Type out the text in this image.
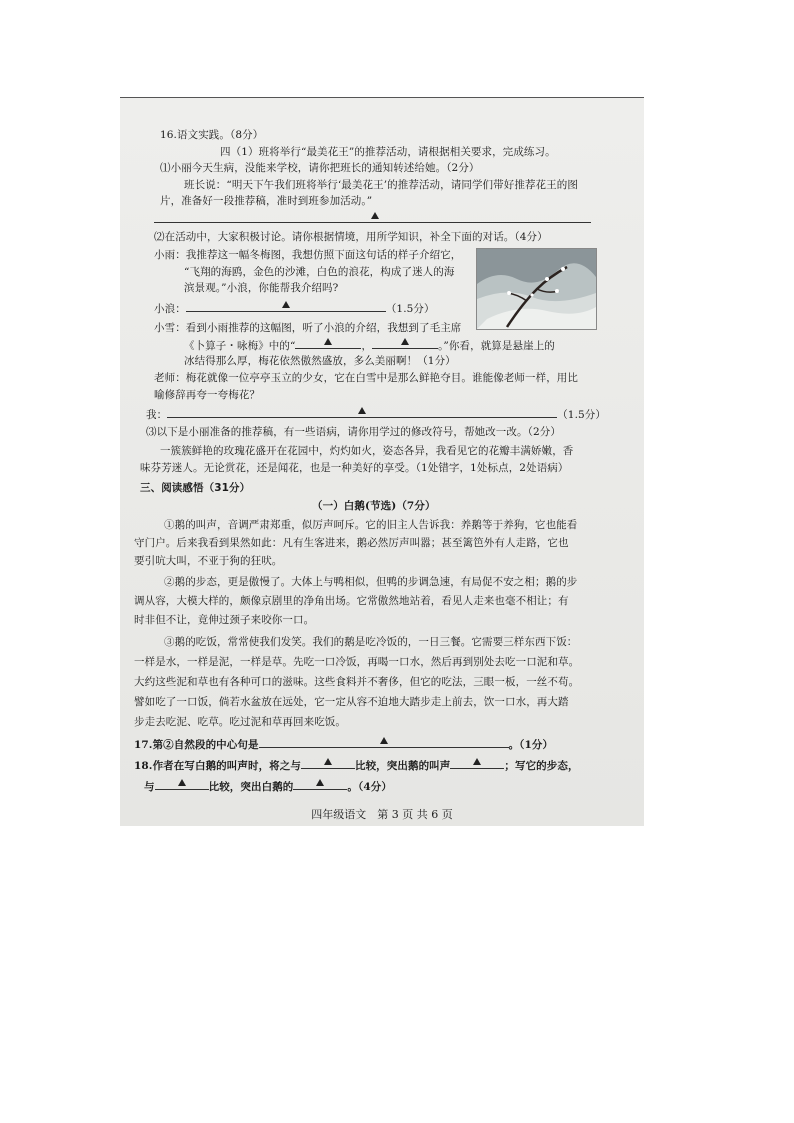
16.语文实践。（8分）
四（1）班将举行“最美花王”的推荐活动，请根据相关要求，完成练习。
⑴小丽今天生病，没能来学校，请你把班长的通知转述给她。（2分）
班长说：“明天下午我们班将举行‘最美花王’的推荐活动，请同学们带好推荐花王的图
片，准备好一段推荐稿，准时到班参加活动。”
⑵在活动中，大家积极讨论。请你根据情境，用所学知识，补全下面的对话。（4分）
小雨：我推荐这一幅冬梅图，我想仿照下面这句话的样子介绍它，
“飞翔的海鸥，金色的沙滩，白色的浪花，构成了迷人的海
滨景观。”小浪，你能帮我介绍吗?
小浪：	（1.5分）
小雪：看到小雨推荐的这幅图，听了小浪的介绍，我想到了毛主席
《卜算子・咏梅》中的“	，	。”你看，就算是悬崖上的
冰结得那么厚，梅花依然傲然盛放，多么美丽啊！（1分）
老师：梅花就像一位亭亭玉立的少女，它在白雪中是那么鲜艳夺目。谁能像老师一样，用比
喻修辞再夸一夸梅花？
我：	（1.5分）
⑶以下是小丽准备的推荐稿，有一些语病，请你用学过的修改符号，帮她改一改。（2分）
一簇簇鲜艳的玫瑰花盛开在花园中，灼灼如火，姿态各异，我看见它的花瓣丰满娇嫩，香
味芬芳迷人。无论赏花，还是闻花，也是一种美好的享受。（1处错字，1处标点，2处语病）
三、阅读感悟（31分）
（一）白鹅(节选)（7分）
①鹅的叫声，音调严肃郑重，似厉声呵斥。它的旧主人告诉我：养鹅等于养狗，它也能看
守门户。后来我看到果然如此：凡有生客进来，鹅必然厉声叫嚣；甚至篱笆外有人走路，它也
要引吭大叫，不亚于狗的狂吠。
②鹅的步态，更是傲慢了。大体上与鸭相似，但鸭的步调急速，有局促不安之相；鹅的步
调从容，大模大样的，颇像京剧里的净角出场。它常傲然地站着，看见人走来也毫不相让；有
时非但不让，竟伸过颈子来咬你一口。
③鹅的吃饭，常常使我们发笑。我们的鹅是吃冷饭的，一日三餐。它需要三样东西下饭：
一样是水，一样是泥，一样是草。先吃一口冷饭，再喝一口水，然后再到别处去吃一口泥和草。
大约这些泥和草也有各种可口的滋味。这些食料并不奢侈，但它的吃法，三眼一板，一丝不苟。
譬如吃了一口饭，倘若水盆放在远处，它一定从容不迫地大踏步走上前去，饮一口水，再大踏
步走去吃泥、吃草。吃过泥和草再回来吃饭。
17.第②自然段的中心句是	。（1分）
18.作者在写白鹅的叫声时，将之与	比较，突出鹅的叫声	；写它的步态，
与	比较，突出白鹅的	。（4分）
四年级语文　第 3 页 共 6 页
